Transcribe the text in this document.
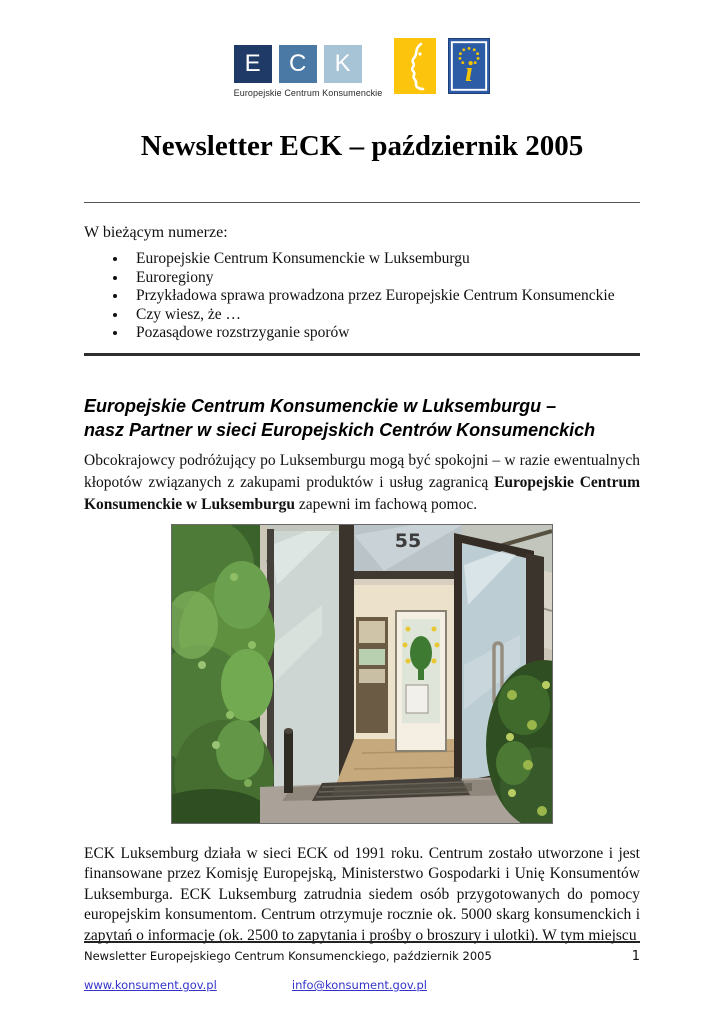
E C K
Europejskie Centrum Konsumenckie
i
Newsletter ECK – październik 2005

W bieżącym numerze:

• Europejskie Centrum Konsumenckie w Luksemburgu
• Euroregiony
• Przykładowa sprawa prowadzona przez Europejskie Centrum Konsumenckie
• Czy wiesz, że …
• Pozasądowe rozstrzyganie sporów
Europejskie Centrum Konsumenckie w Luksemburgu –
nasz Partner w sieci Europejskich Centrów Konsumenckich

Obcokrajowcy podróżujący po Luksemburgu mogą być spokojni – w razie ewentualnych kłopotów związanych z zakupami produktów i usług zagranicą Europejskie Centrum Konsumenckie w Luksemburgu zapewni im fachową pomoc.

55

ECK Luksemburg działa w sieci ECK od 1991 roku. Centrum zostało utworzone i jest finansowane przez Komisję Europejską, Ministerstwo Gospodarki i Unię Konsumentów Luksemburga. ECK Luksemburg zatrudnia siedem osób przygotowanych do pomocy europejskim konsumentom. Centrum otrzymuje rocznie ok. 5000 skarg konsumenckich i zapytań o informację (ok. 2500 to zapytania i prośby o broszury i ulotki). W tym miejscu

Newsletter Europejskiego Centrum Konsumenckiego, październik 2005	1
www.konsument.gov.pl	info@konsument.gov.pl
